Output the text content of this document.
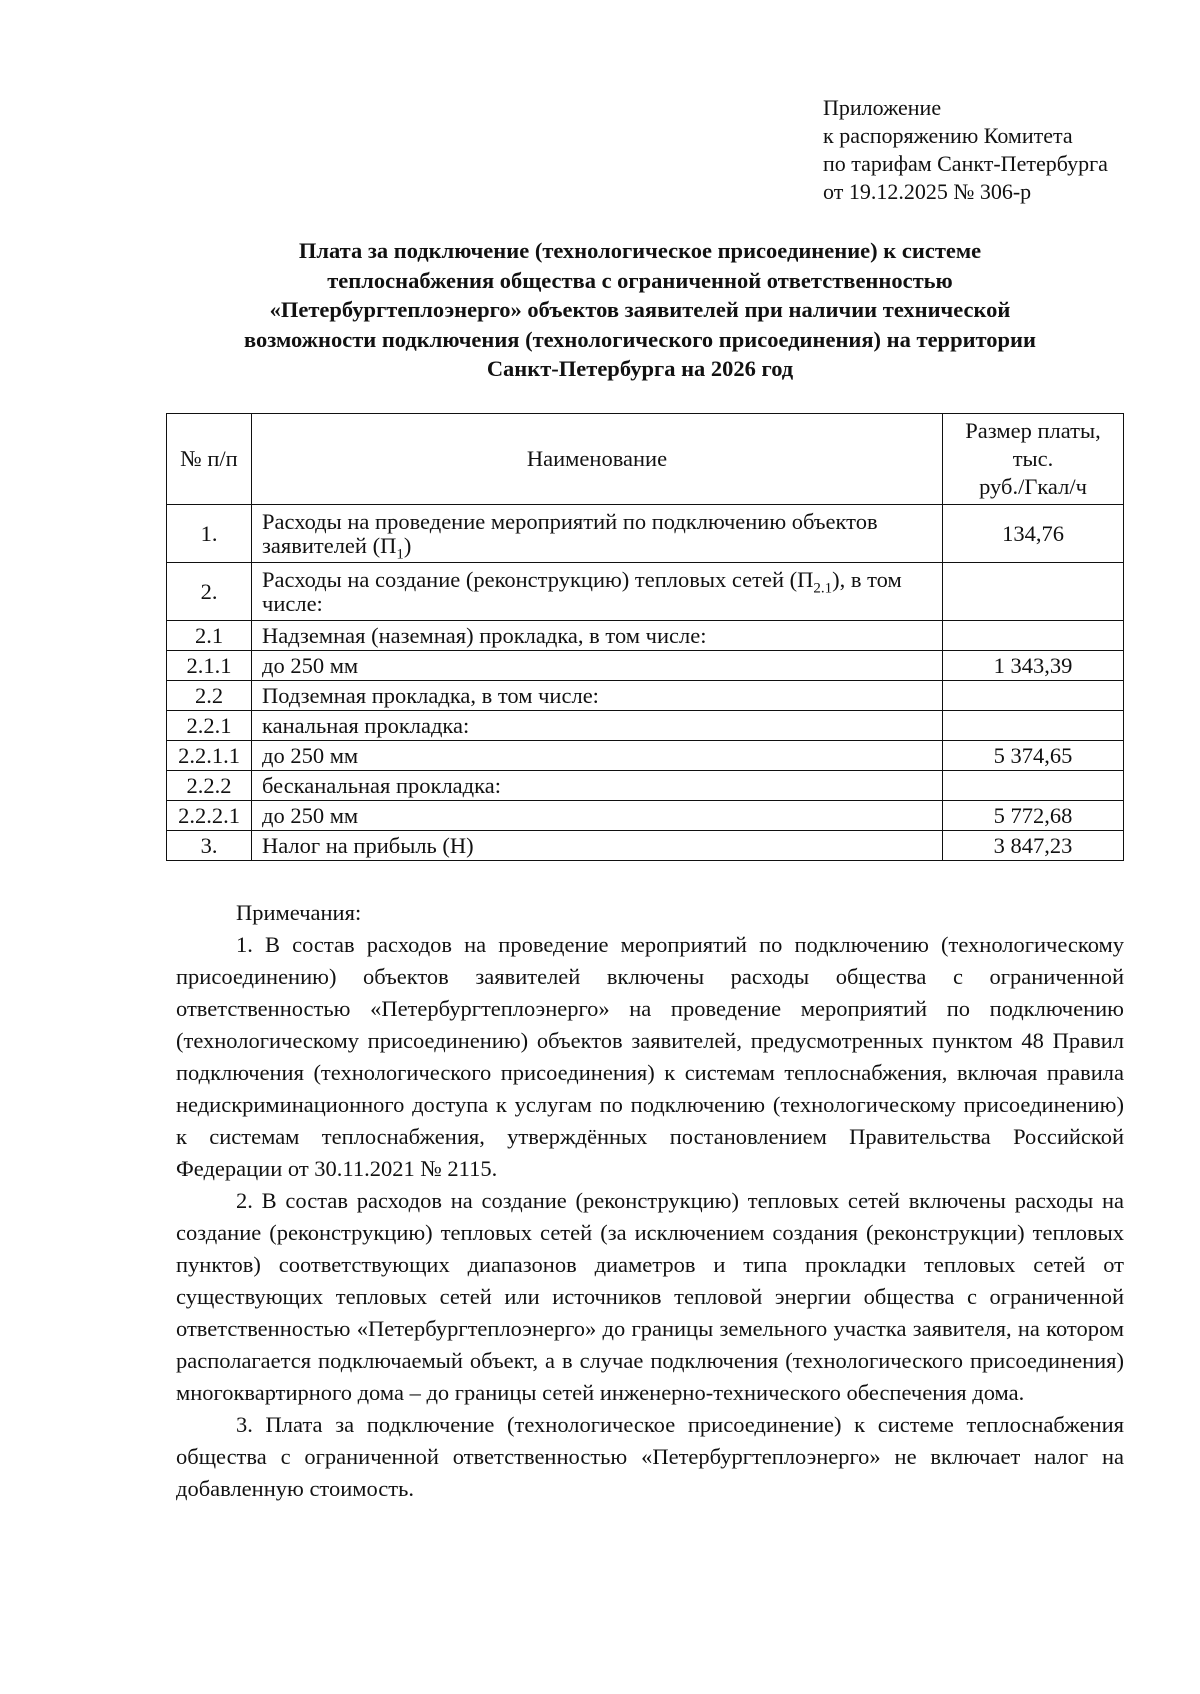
Приложение
к распоряжению Комитета
по тарифам Санкт-Петербурга
от 19.12.2025 № 306-р
Плата за подключение (технологическое присоединение) к системе
теплоснабжения общества с ограниченной ответственностью
«Петербургтеплоэнерго» объектов заявителей при наличии технической
возможности подключения (технологического присоединения) на территории
Санкт-Петербурга на 2026 год
№ п/п	Наименование	Размер платы,
тыс.
руб./Гкал/ч

1.	Расходы на проведение мероприятий по подключению объектов заявителей $(П_1)$	134,76
2.	Расходы на создание (реконструкцию) тепловых сетей $(П_{2.1})$, в том числе:	
2.1	Надземная (наземная) прокладка, в том числе:	
2.1.1	до 250 мм	1 343,39
2.2	Подземная прокладка, в том числе:	
2.2.1	канальная прокладка:	
2.2.1.1	до 250 мм	5 374,65
2.2.2	бесканальная прокладка:	
2.2.2.1	до 250 мм	5 772,68
3.	Налог на прибыль (Н)	3 847,23
Примечания:

1. В состав расходов на проведение мероприятий по подключению (технологическому присоединению) объектов заявителей включены расходы общества с ограниченной ответственностью «Петербургтеплоэнерго» на проведение мероприятий по подключению (технологическому присоединению) объектов заявителей, предусмотренных пунктом 48 Правил подключения (технологического присоединения) к системам теплоснабжения, включая правила недискриминационного доступа к услугам по подключению (технологическому присоединению) к системам теплоснабжения, утверждённых постановлением Правительства Российской Федерации от 30.11.2021 № 2115.

2. В состав расходов на создание (реконструкцию) тепловых сетей включены расходы на создание (реконструкцию) тепловых сетей (за исключением создания (реконструкции) тепловых пунктов) соответствующих диапазонов диаметров и типа прокладки тепловых сетей от существующих тепловых сетей или источников тепловой энергии общества с ограниченной ответственностью «Петербургтеплоэнерго» до границы земельного участка заявителя, на котором располагается подключаемый объект, а в случае подключения (технологического присоединения) многоквартирного дома – до границы сетей инженерно-технического обеспечения дома.

3. Плата за подключение (технологическое присоединение) к системе теплоснабжения общества с ограниченной ответственностью «Петербургтеплоэнерго» не включает налог на добавленную стоимость.
